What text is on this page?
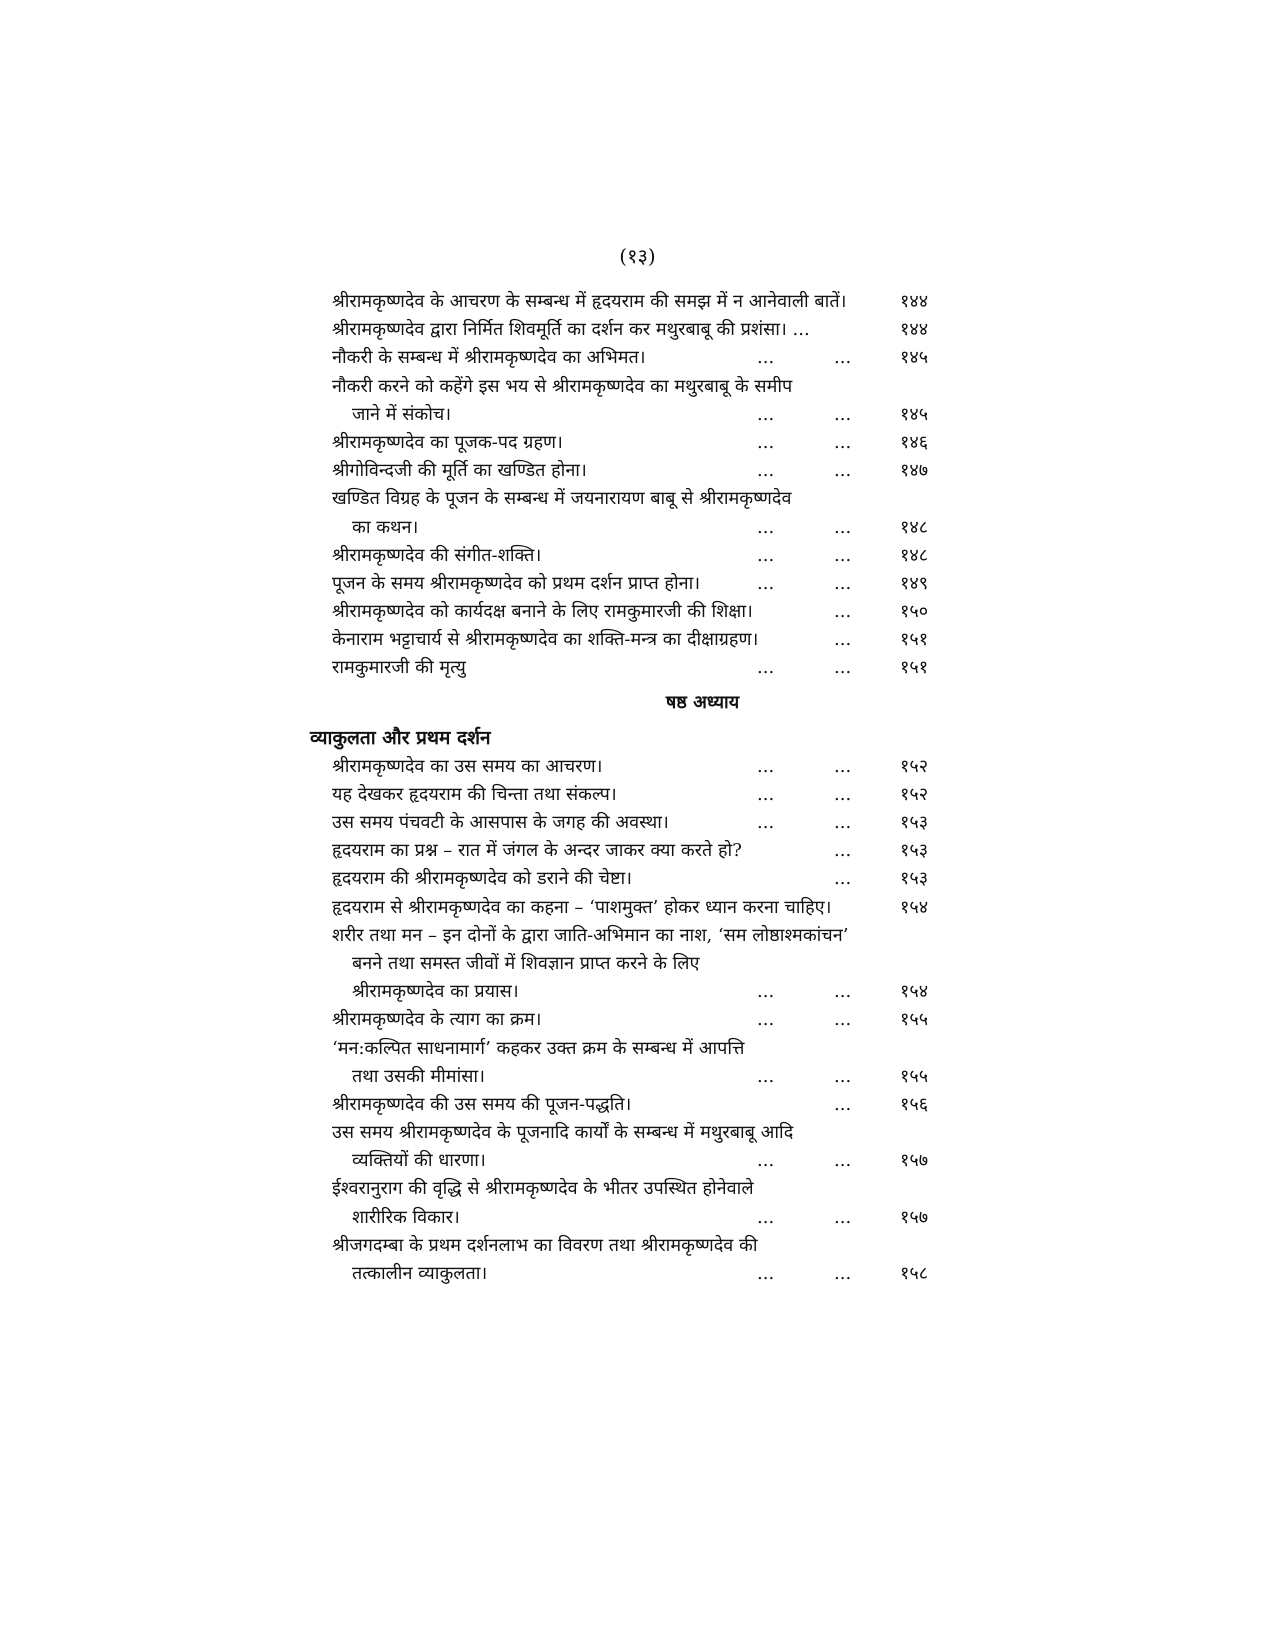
(१३)
श्रीरामकृष्णदेव के आचरण के सम्बन्ध में हृदयराम की समझ में न आनेवाली बातें।	१४४
श्रीरामकृष्णदेव द्वारा निर्मित शिवमूर्ति का दर्शन कर मथुरबाबू की प्रशंसा। ...	१४४
नौकरी के सम्बन्ध में श्रीरामकृष्णदेव का अभिमत।	...	...	१४५
नौकरी करने को कहेंगे इस भय से श्रीरामकृष्णदेव का मथुरबाबू के समीप
जाने में संकोच।	...	...	१४५
श्रीरामकृष्णदेव का पूजक-पद ग्रहण।	...	...	१४६
श्रीगोविन्दजी की मूर्ति का खण्डित होना।	...	...	१४७
खण्डित विग्रह के पूजन के सम्बन्ध में जयनारायण बाबू से श्रीरामकृष्णदेव
का कथन।	...	...	१४८
श्रीरामकृष्णदेव की संगीत-शक्ति।	...	...	१४८
पूजन के समय श्रीरामकृष्णदेव को प्रथम दर्शन प्राप्त होना।	...	...	१४९
श्रीरामकृष्णदेव को कार्यदक्ष बनाने के लिए रामकुमारजी की शिक्षा।	...	१५०
केनाराम भट्टाचार्य से श्रीरामकृष्णदेव का शक्ति-मन्त्र का दीक्षाग्रहण।	...	१५१
रामकुमारजी की मृत्यु	...	...	१५१
षष्ठ अध्याय
व्याकुलता और प्रथम दर्शन
श्रीरामकृष्णदेव का उस समय का आचरण।	...	...	१५२
यह देखकर हृदयराम की चिन्ता तथा संकल्प।	...	...	१५२
उस समय पंचवटी के आसपास के जगह की अवस्था।	...	...	१५३
हृदयराम का प्रश्न – रात में जंगल के अन्दर जाकर क्या करते हो?	...	१५३
हृदयराम की श्रीरामकृष्णदेव को डराने की चेष्टा।	...	१५३
हृदयराम से श्रीरामकृष्णदेव का कहना – ‘पाशमुक्त’ होकर ध्यान करना चाहिए।	१५४
शरीर तथा मन – इन दोनों के द्वारा जाति-अभिमान का नाश, ‘सम लोष्ठाश्मकांचन’
बनने तथा समस्त जीवों में शिवज्ञान प्राप्त करने के लिए
श्रीरामकृष्णदेव का प्रयास।	...	...	१५४
श्रीरामकृष्णदेव के त्याग का क्रम।	...	...	१५५
‘मन:कल्पित साधनामार्ग’ कहकर उक्त क्रम के सम्बन्ध में आपत्ति
तथा उसकी मीमांसा।	...	...	१५५
श्रीरामकृष्णदेव की उस समय की पूजन-पद्धति।	...	१५६
उस समय श्रीरामकृष्णदेव के पूजनादि कार्यों के सम्बन्ध में मथुरबाबू आदि
व्यक्तियों की धारणा।	...	...	१५७
ईश्वरानुराग की वृद्धि से श्रीरामकृष्णदेव के भीतर उपस्थित होनेवाले
शारीरिक विकार।	...	...	१५७
श्रीजगदम्बा के प्रथम दर्शनलाभ का विवरण तथा श्रीरामकृष्णदेव की
तत्कालीन व्याकुलता।	...	...	१५८
